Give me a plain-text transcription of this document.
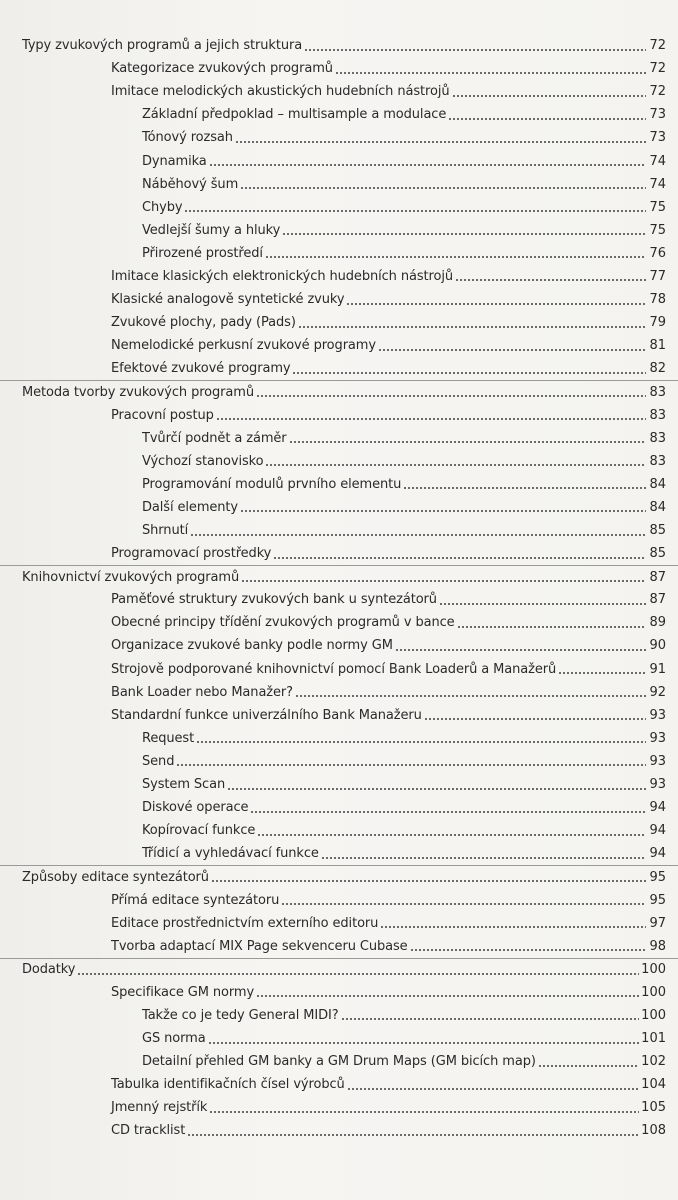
Typy zvukových programů a jejich struktura	72
Kategorizace zvukových programů	72
Imitace melodických akustických hudebních nástrojů	72
Základní předpoklad – multisample a modulace	73
Tónový rozsah	73
Dynamika	74
Náběhový šum	74
Chyby	75
Vedlejší šumy a hluky	75
Přirozené prostředí	76
Imitace klasických elektronických hudebních nástrojů	77
Klasické analogově syntetické zvuky	78
Zvukové plochy, pady (Pads)	79
Nemelodické perkusní zvukové programy	81
Efektové zvukové programy	82
Metoda tvorby zvukových programů	83
Pracovní postup	83
Tvůrčí podnět a záměr	83
Výchozí stanovisko	83
Programování modulů prvního elementu	84
Další elementy	84
Shrnutí	85
Programovací prostředky	85
Knihovnictví zvukových programů	87
Paměťové struktury zvukových bank u syntezátorů	87
Obecné principy třídění zvukových programů v bance	89
Organizace zvukové banky podle normy GM	90
Strojově podporované knihovnictví pomocí Bank Loaderů a Manažerů	91
Bank Loader nebo Manažer?	92
Standardní funkce univerzálního Bank Manažeru	93
Request	93
Send	93
System Scan	93
Diskové operace	94
Kopírovací funkce	94
Třídicí a vyhledávací funkce	94
Způsoby editace syntezátorů	95
Přímá editace syntezátoru	95
Editace prostřednictvím externího editoru	97
Tvorba adaptací MIX Page sekvenceru Cubase	98
Dodatky	100
Specifikace GM normy	100
Takže co je tedy General MIDI?	100
GS norma	101
Detailní přehled GM banky a GM Drum Maps (GM bicích map)	102
Tabulka identifikačních čísel výrobců	104
Jmenný rejstřík	105
CD tracklist	108
